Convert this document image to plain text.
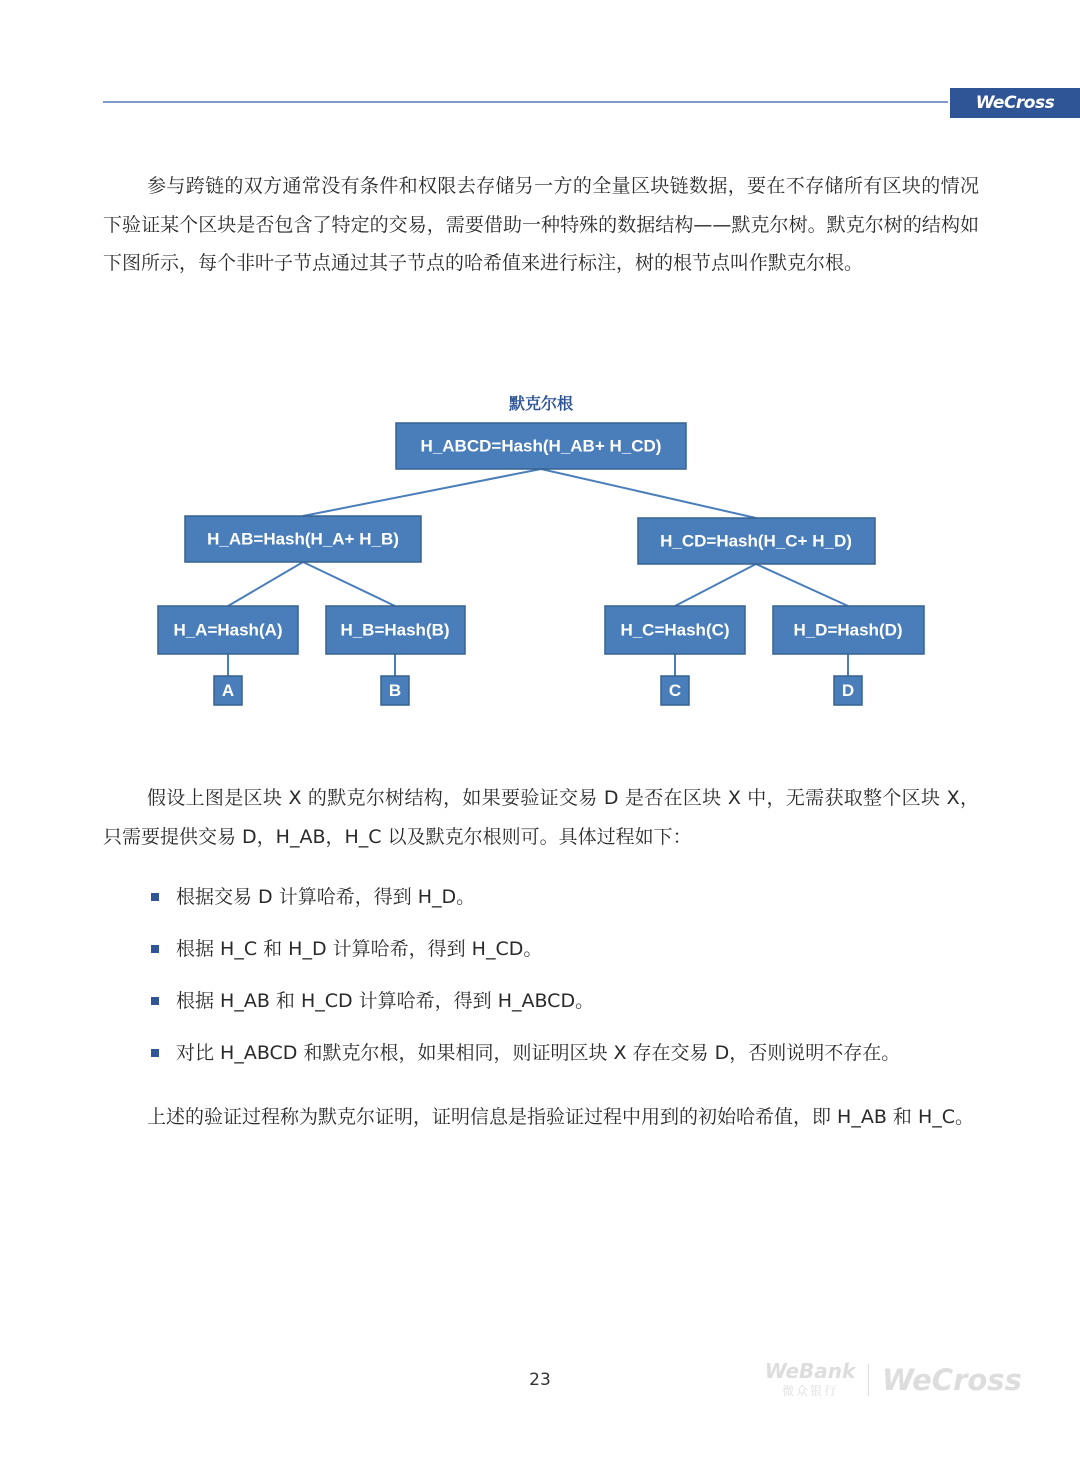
WeCross

参与跨链的双方通常没有条件和权限去存储另一方的全量区块链数据，要在不存储所有区块的情况下验证某个区块是否包含了特定的交易，需要借助一种特殊的数据结构——默克尔树。默克尔树的结构如下图所示，每个非叶子节点通过其子节点的哈希值来进行标注，树的根节点叫作默克尔根。

默克尔根
H_ABCD=Hash(H_AB+ H_CD)
H_AB=Hash(H_A+ H_B)	H_CD=Hash(H_C+ H_D)
H_A=Hash(A)	H_B=Hash(B)	H_C=Hash(C)	H_D=Hash(D)
A	B	C	D

假设上图是区块 X 的默克尔树结构，如果要验证交易 D 是否在区块 X 中，无需获取整个区块 X，只需要提供交易 D，H_AB，H_C 以及默克尔根则可。具体过程如下：

根据交易 D 计算哈希，得到 H_D。
根据 H_C 和 H_D 计算哈希，得到 H_CD。
根据 H_AB 和 H_CD 计算哈希，得到 H_ABCD。
对比 H_ABCD 和默克尔根，如果相同，则证明区块 X 存在交易 D，否则说明不存在。

上述的验证过程称为默克尔证明，证明信息是指验证过程中用到的初始哈希值，即 H_AB 和 H_C。

23	WeBank
微众银行	WeCross
